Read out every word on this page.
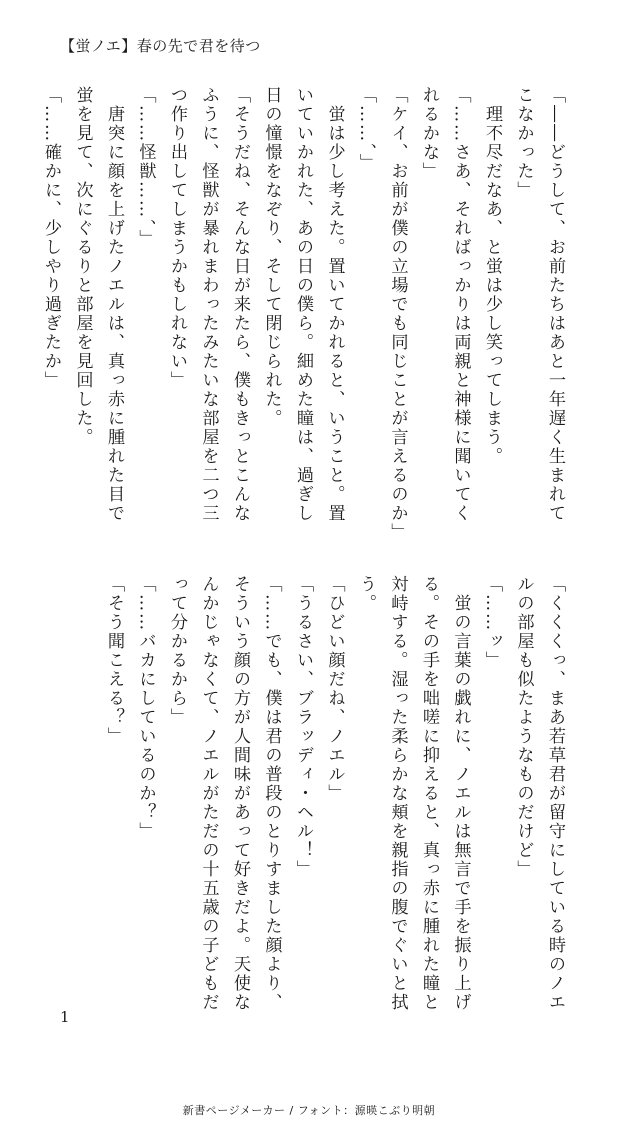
【蛍ノエ】春の先で君を待つ

「――どうして、お前たちはあと一年遅く生まれてこなかった」

　理不尽だなあ、と蛍は少し笑ってしまう。

「……さあ、そればっかりは両親と神様に聞いてくれるかな」

「ケイ、お前が僕の立場でも同じことが言えるのか」

「……、」

　蛍は少し考えた。置いてかれると、いうこと。置いていかれた、あの日の僕ら。細めた瞳は、過ぎし日の憧憬をなぞり、そして閉じられた。

「そうだね、そんな日が来たら、僕もきっとこんなふうに、怪獣が暴れまわったみたいな部屋を二つ三つ作り出してしまうかもしれない」

「……怪獣……、」

　唐突に顔を上げたノエルは、真っ赤に腫れた目で蛍を見て、次にぐるりと部屋を見回した。

「……確かに、少しやり過ぎたか」

「くくくっ、まあ若草君が留守にしている時のノエルの部屋も似たようなものだけど」

「……ッ」

　蛍の言葉の戯れに、ノエルは無言で手を振り上げる。その手を咄嗟に抑えると、真っ赤に腫れた瞳と対峙する。湿った柔らかな頬を親指の腹でぐいと拭う。

「ひどい顔だね、ノエル」

「うるさい、ブラッディ・ヘル！」

「……でも、僕は君の普段のとりすました顔より、そういう顔の方が人間味があって好きだよ。天使なんかじゃなくて、ノエルがただの十五歳の子どもだって分かるから」

「……バカにしているのか？」

「そう聞こえる？」

1
新書ページメーカー / フォント：源暎こぶり明朝
